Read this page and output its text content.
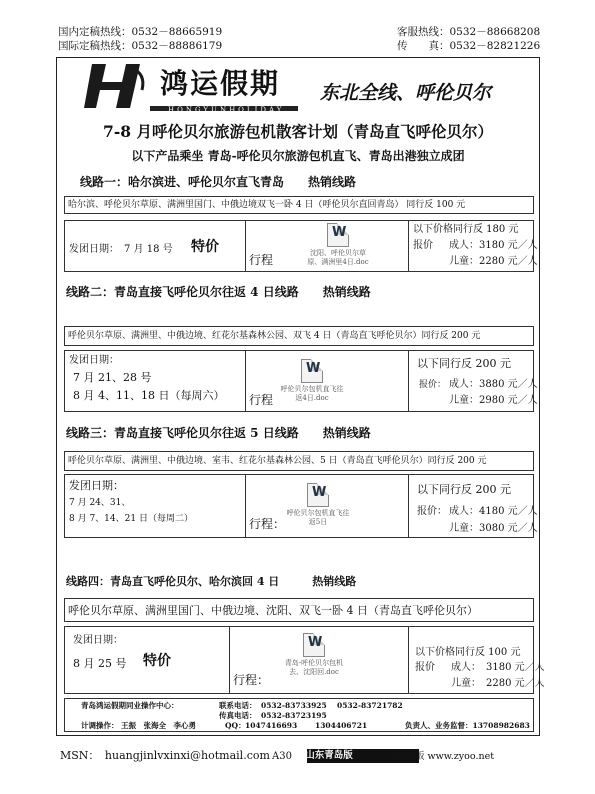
国内定稿热线：0532－88665919
国际定稿热线：0532－88886179
客服热线：0532－88668208
传　　真：0532－82821226
鸿运假期
HONGYUNHOLIDAY
东北全线、呼伦贝尔
7-8 月呼伦贝尔旅游包机散客计划（青岛直飞呼伦贝尔）
以下产品乘坐 青岛-呼伦贝尔旅游包机直飞、青岛出港独立成团
线路一：哈尔滨进、呼伦贝尔直飞青岛　　热销线路
哈尔滨、呼伦贝尔草原、满洲里国门、中俄边境双飞一卧 4 日（呼伦贝尔直回青岛） 同行反 100 元
发团日期：　7 月 18 号 特价
行程
W	沈阳、呼伦贝尔草原、满洲里4日.doc
以下价格同行反 180 元
报价 成人：3180 元／人
儿童：2280 元／人
线路二：青岛直接飞呼伦贝尔往返 4 日线路　　热销线路
呼伦贝尔草原、满洲里、中俄边境、红花尔基森林公园、双飞 4 日（青岛直飞呼伦贝尔）同行反 200 元
发团日期：
7 月 21、28 号
8 月 4、11、18 日（每周六） 行程
W
呼伦贝尔包机直飞往返4日.doc
以下同行反 200 元
报价： 成人：3880 元／人
儿童：2980 元／人
线路三：青岛直接飞呼伦贝尔往返 5 日线路　　热销线路
呼伦贝尔草原、满洲里、中俄边境、室韦、红花尔基森林公园、5 日（青岛直飞呼伦贝尔）同行反 200 元
发团日期：
7 月 24、31、
8 月 7、14、21 日（每周二）	行程：
W
呼伦贝尔包机直飞往返5日
以下同行反 200 元
报价： 成人：4180 元／人
儿童：3080 元／人
线路四：青岛直飞呼伦贝尔、哈尔滨回 4 日　　　热销线路
呼伦贝尔草原、满洲里国门、中俄边境、沈阳、双飞一卧 4 日（青岛直飞呼伦贝尔）
发团日期：
8 月 25 号 特价
行程：
W
青岛-呼伦贝尔包机去、沈阳回.doc
以下价格同行反 100 元
报价 成人：　3180 元／人
儿童：　2280 元／人
青岛鸿运假期同业操作中心：	联系电话： 0532-83733925 0532-83721782
传真电话： 0532-83723195
计调操作： 王振　张海全　李心勇	QQ： 1047416693 1304406721	负责人、业务监督：13708982683
MSN：　huangjinlvxinxi@hotmail.com A30	山东青岛版 欢迎浏览电子版 www.zyoo.net
